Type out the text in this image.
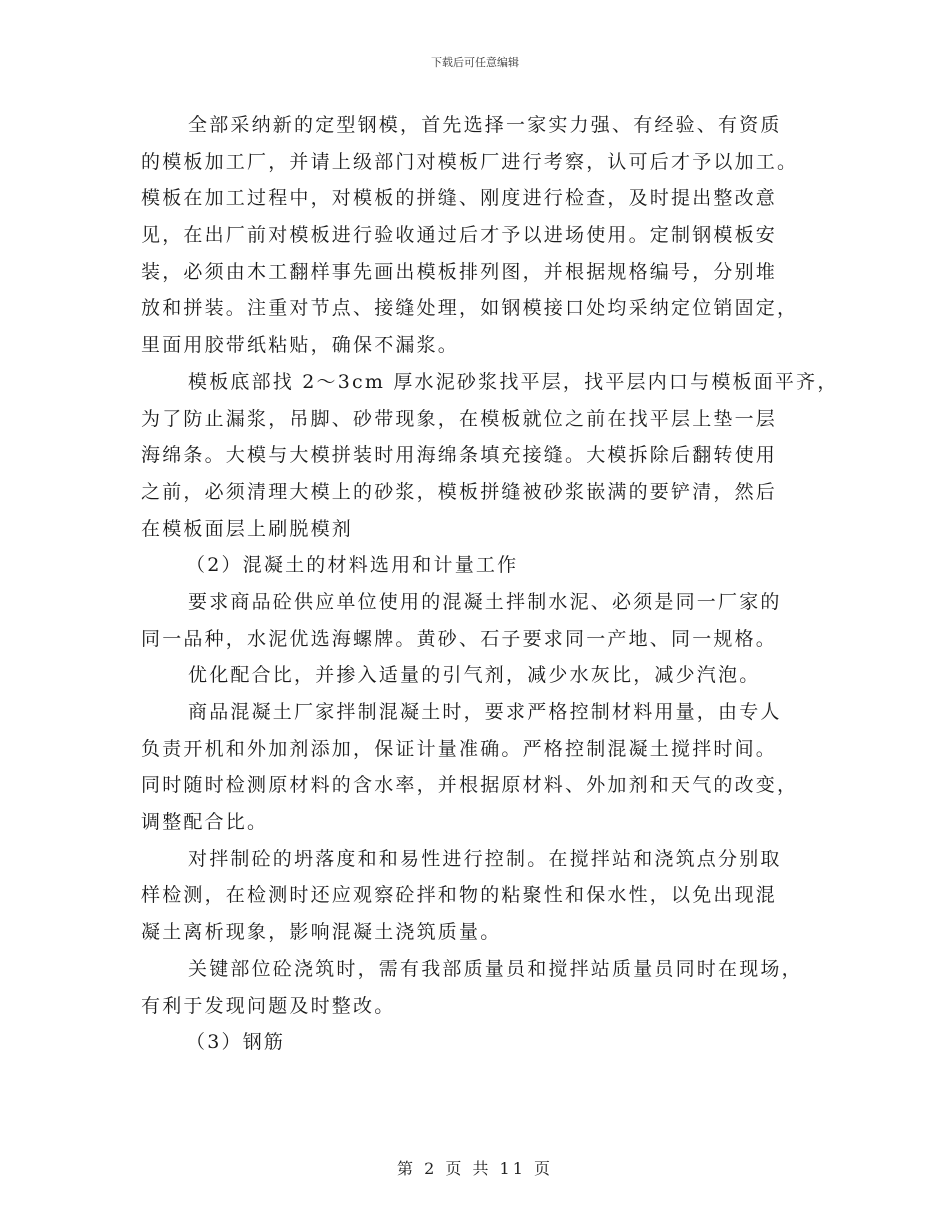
下载后可任意编辑
全部采纳新的定型钢模，首先选择一家实力强、有经验、有资质
的模板加工厂，并请上级部门对模板厂进行考察，认可后才予以加工。
模板在加工过程中，对模板的拼缝、刚度进行检查，及时提出整改意
见，在出厂前对模板进行验收通过后才予以进场使用。定制钢模板安
装，必须由木工翻样事先画出模板排列图，并根据规格编号，分别堆
放和拼装。注重对节点、接缝处理，如钢模接口处均采纳定位销固定，
里面用胶带纸粘贴，确保不漏浆。
模板底部找 2～3cm 厚水泥砂浆找平层，找平层内口与模板面平齐，
为了防止漏浆，吊脚、砂带现象，在模板就位之前在找平层上垫一层
海绵条。大模与大模拼装时用海绵条填充接缝。大模拆除后翻转使用
之前，必须清理大模上的砂浆，模板拼缝被砂浆嵌满的要铲清，然后
在模板面层上刷脱模剂
（2）混凝土的材料选用和计量工作
要求商品砼供应单位使用的混凝土拌制水泥、必须是同一厂家的
同一品种，水泥优选海螺牌。黄砂、石子要求同一产地、同一规格。
优化配合比，并掺入适量的引气剂，减少水灰比，减少汽泡。
商品混凝土厂家拌制混凝土时，要求严格控制材料用量，由专人
负责开机和外加剂添加，保证计量准确。严格控制混凝土搅拌时间。
同时随时检测原材料的含水率，并根据原材料、外加剂和天气的改变，
调整配合比。
对拌制砼的坍落度和和易性进行控制。在搅拌站和浇筑点分别取
样检测，在检测时还应观察砼拌和物的粘聚性和保水性，以免出现混
凝土离析现象，影响混凝土浇筑质量。
关键部位砼浇筑时，需有我部质量员和搅拌站质量员同时在现场，
有利于发现问题及时整改。
（3）钢筋
第 2 页 共 11 页
